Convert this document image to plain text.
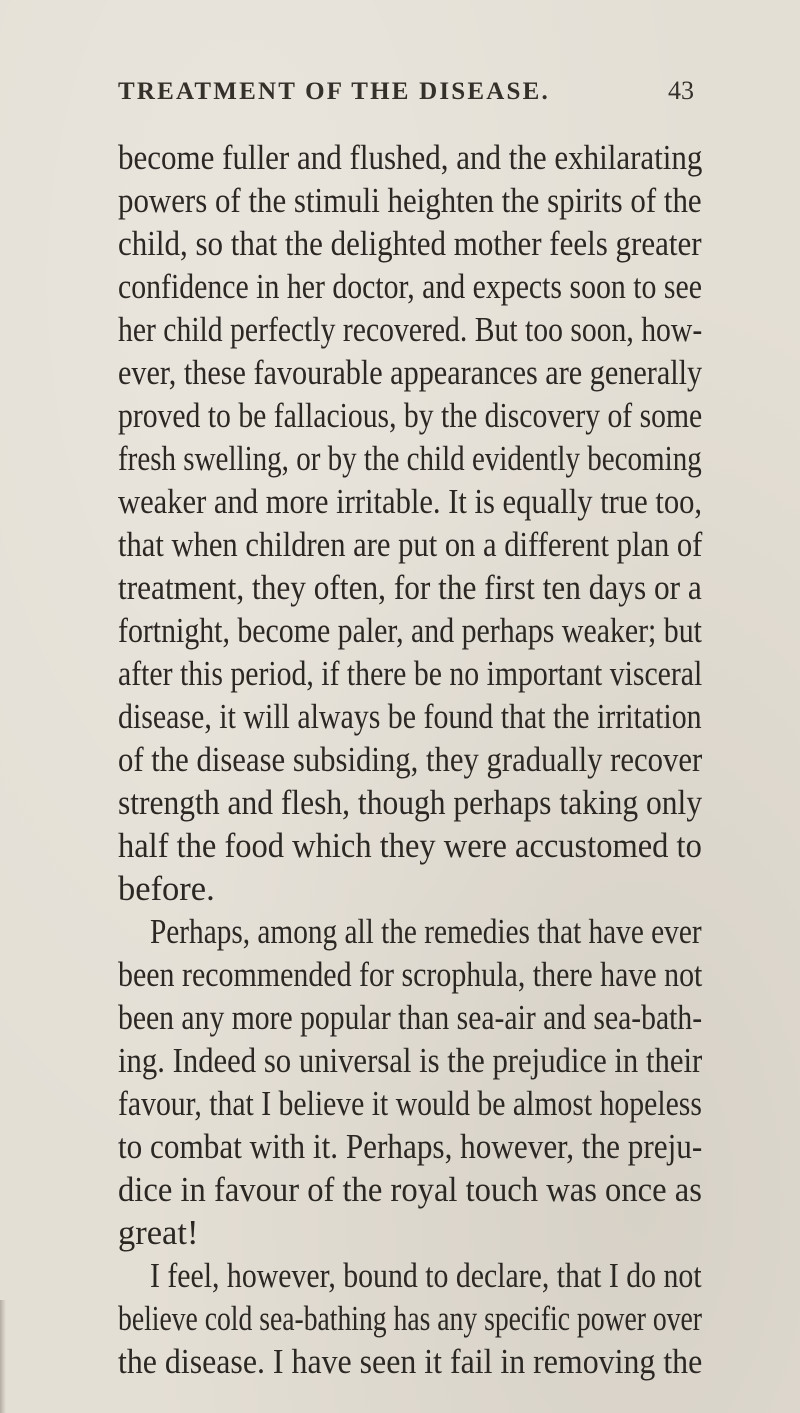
TREATMENT OF THE DISEASE.	43
become fuller and flushed, and the exhilarating
powers of the stimuli heighten the spirits of the
child, so that the delighted mother feels greater
confidence in her doctor, and expects soon to see
her child perfectly recovered. But too soon, how-
ever, these favourable appearances are generally
proved to be fallacious, by the discovery of some
fresh swelling, or by the child evidently becoming
weaker and more irritable. It is equally true too,
that when children are put on a different plan of
treatment, they often, for the first ten days or a
fortnight, become paler, and perhaps weaker; but
after this period, if there be no important visceral
disease, it will always be found that the irritation
of the disease subsiding, they gradually recover
strength and flesh, though perhaps taking only
half the food which they were accustomed to
before.
Perhaps, among all the remedies that have ever
been recommended for scrophula, there have not
been any more popular than sea-air and sea-bath-
ing. Indeed so universal is the prejudice in their
favour, that I believe it would be almost hopeless
to combat with it. Perhaps, however, the preju-
dice in favour of the royal touch was once as
great!
I feel, however, bound to declare, that I do not
believe cold sea-bathing has any specific power over
the disease. I have seen it fail in removing the
